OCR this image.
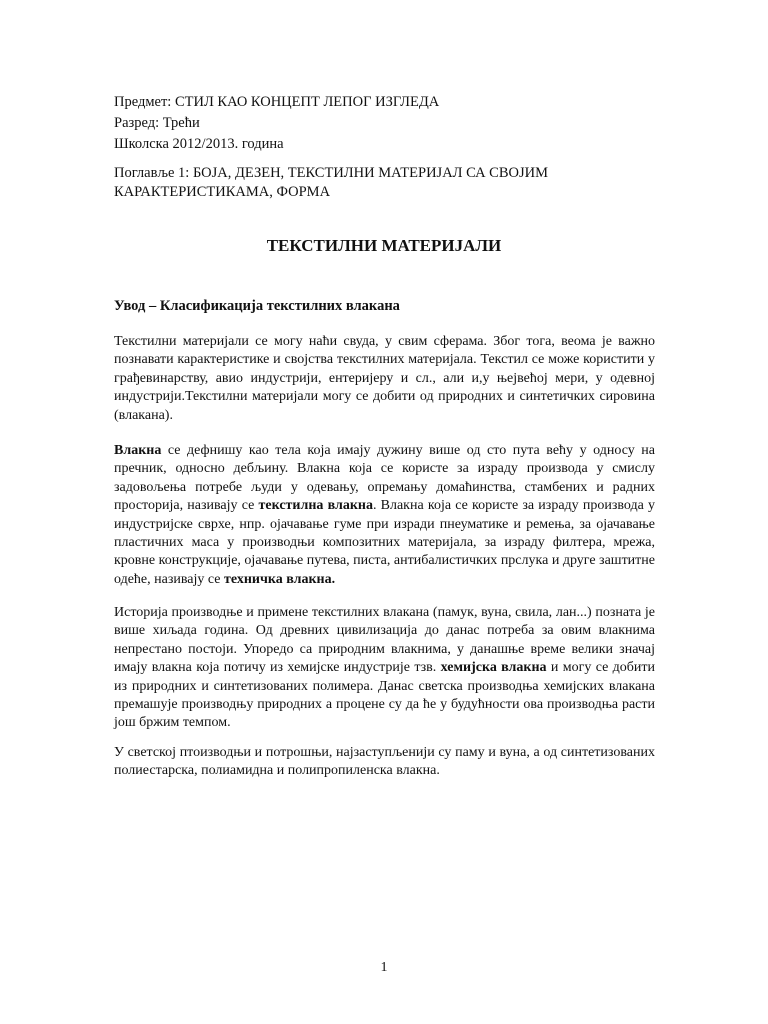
Предмет: СТИЛ КАО КОНЦЕПТ ЛЕПОГ ИЗГЛЕДА
Разред: Трећи
Школска 2012/2013. година
Поглавље 1: БОЈА, ДЕЗЕН, ТЕКСТИЛНИ МАТЕРИЈАЛ СА СВОЈИМ КАРАКТЕРИСТИКАМА, ФОРМА
ТЕКСТИЛНИ МАТЕРИЈАЛИ
Увод – Класификација текстилних влакана
Текстилни материјали се могу наћи свуда, у свим сферама. Због тога, веома је важно познавати карактеристике и својства текстилних материјала. Текстил се може користити у грађевинарству, авио индустрији, ентеријеру и сл., али и,у њејвећој мери, у одевној индустрији.Текстилни материјали могу се добити од природних и синтетичких сировина (влакана).
Влакна се дефнишу као тела која имају дужину више од сто пута већу у односу на пречник, односно дебљину. Влакна која се користе за израду производа у смислу задовољења потребе људи у одевању, опремању домаћинства, стамбених и радних просторија, називају се текстилна влакна. Влакна која се користе за израду производа у индустријске сврхе, нпр. ојачавање гуме при изради пнеуматике и ремења, за ојачавање пластичних маса у производњи композитних материјала, за израду филтера, мрежа, кровне конструкције, ојачавање путева, писта, антибалистичких прслука и друге заштитне одеће, називају се техничка влакна.
Историја производње и примене текстилних влакана (памук, вуна, свила, лан...) позната је више хиљада година. Од древних цивилизација до данас потреба за овим влакнима непрестано постоји. Упоредо са природним влакнима, у данашње време велики значај имају влакна која потичу из хемијске индустрије тзв. хемијска влакна и могу се добити из природних и синтетизованих полимера. Данас светска производња хемијских влакана премашује производњу природних а процене су да ће у будућности ова производња расти још бржим темпом.
У светској птоизводњи и потрошњи, најзаступљенији су паму и вуна, а од синтетизованих полиестарска, полиамидна и полипропиленска влакна.
1
